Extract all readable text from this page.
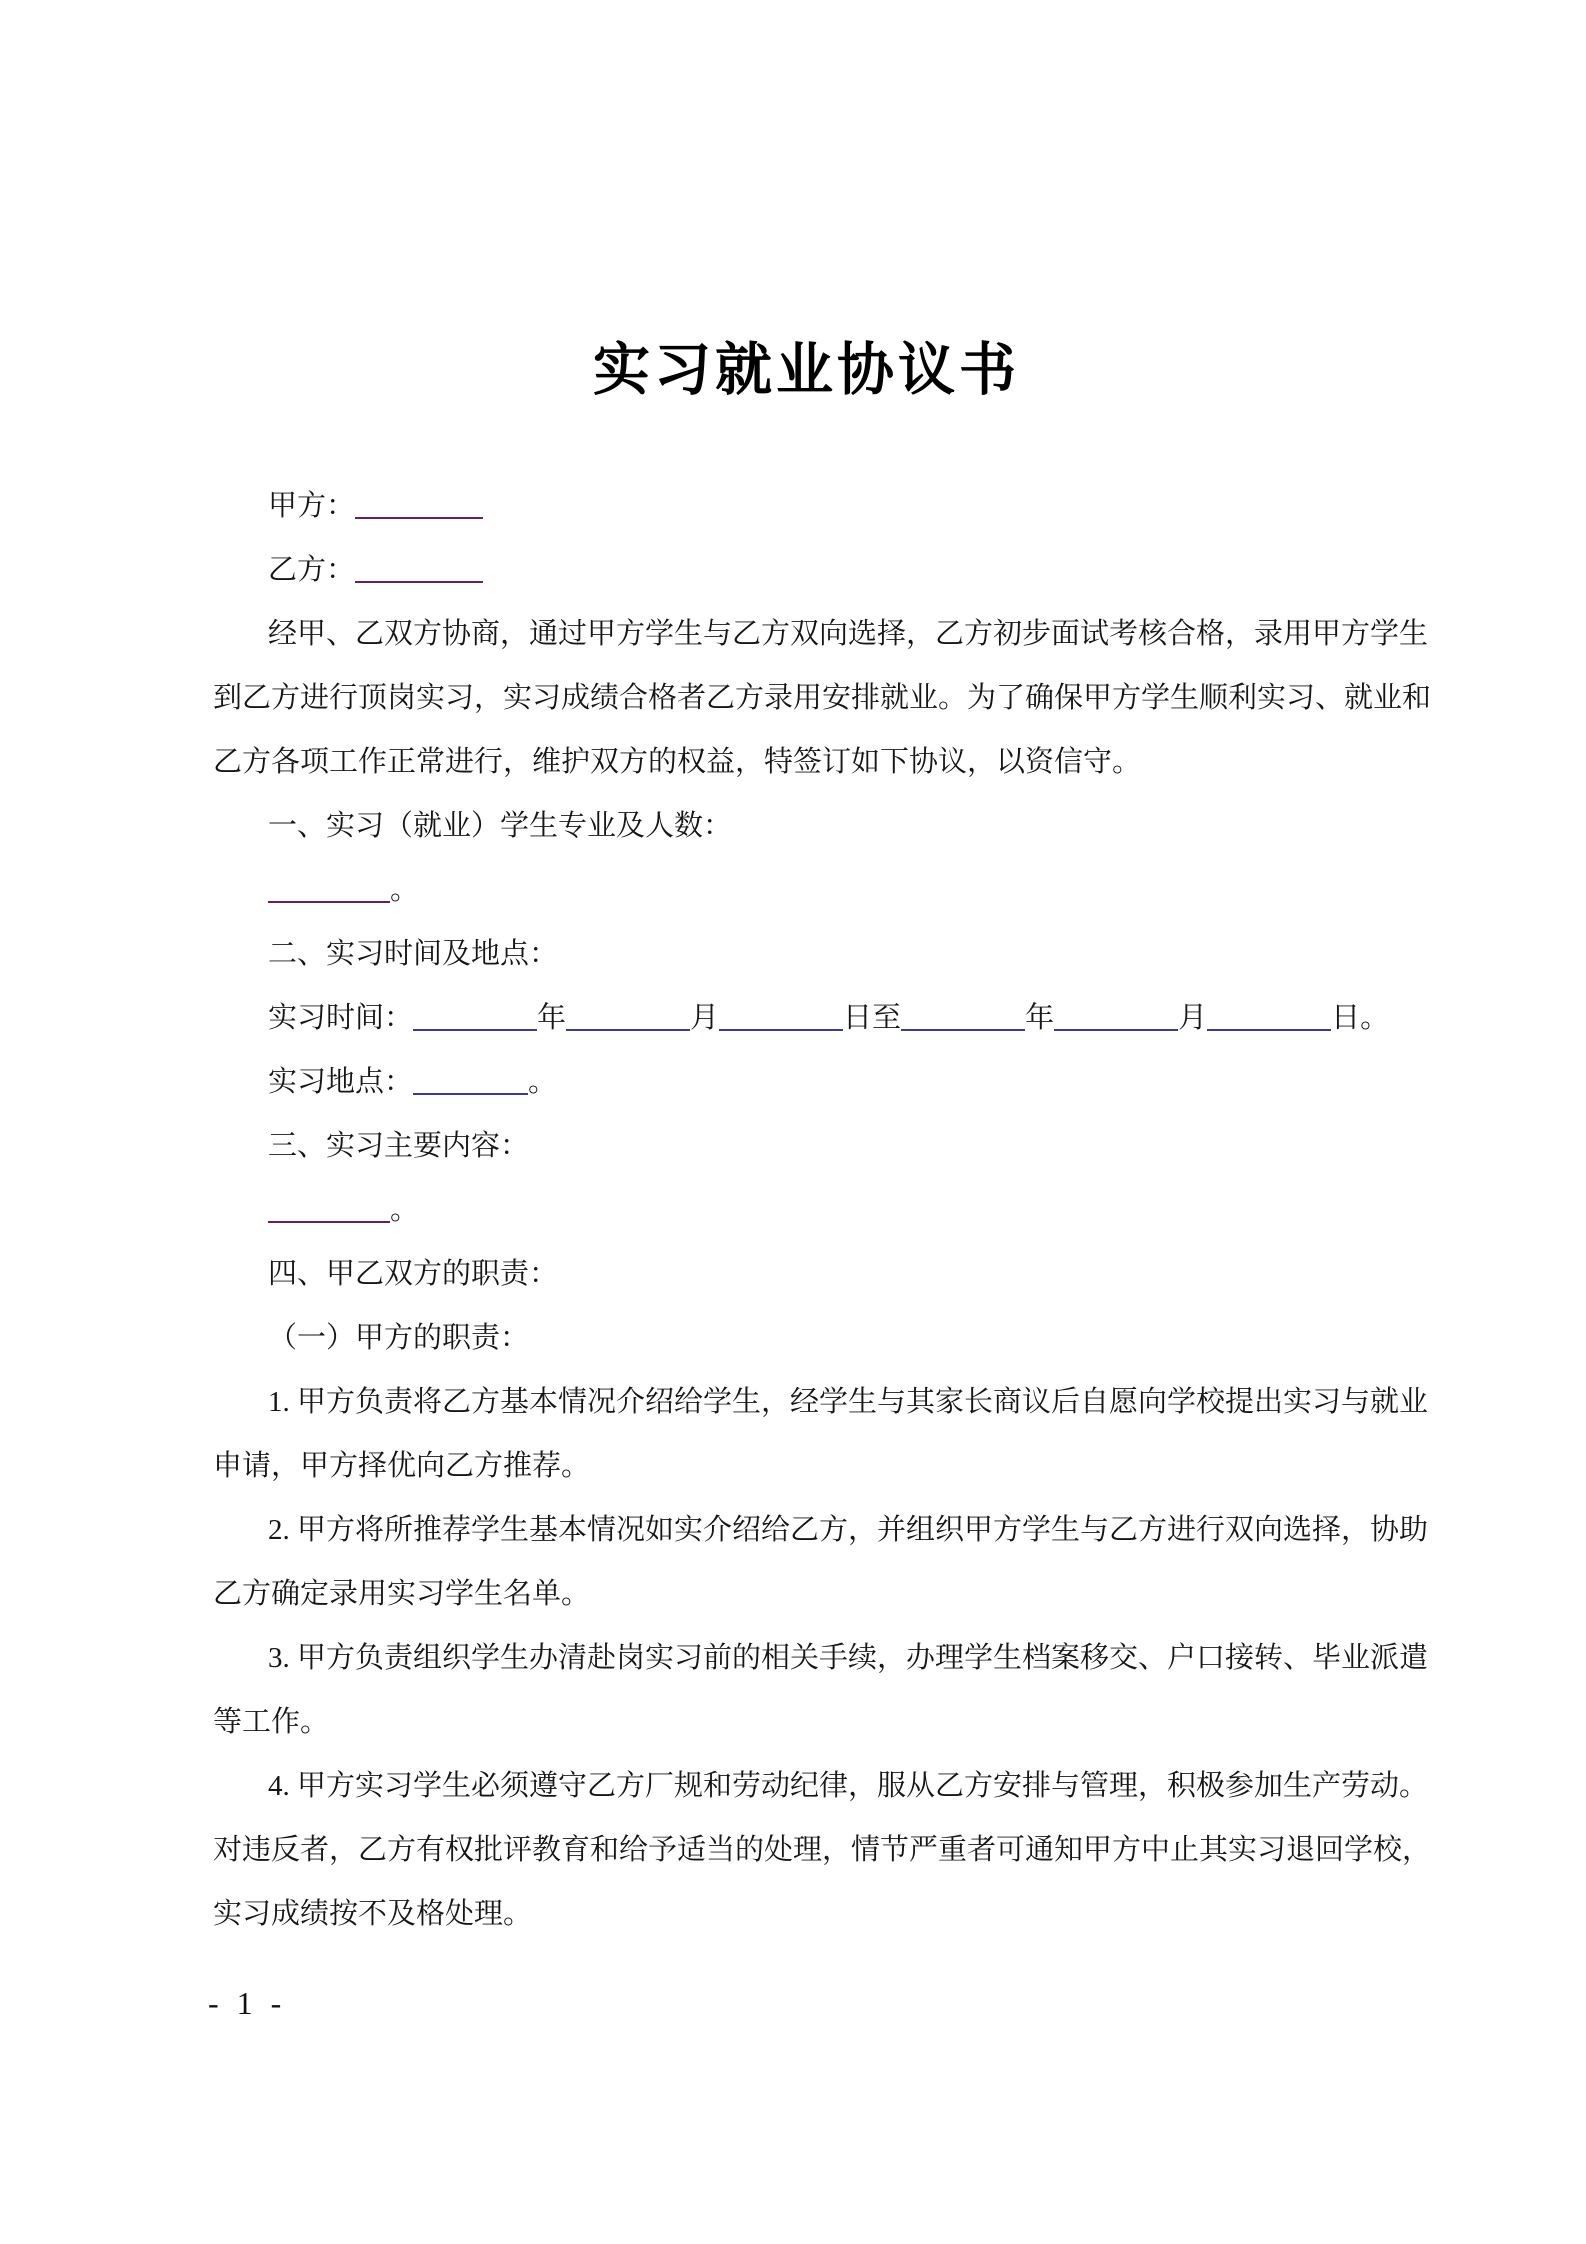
实习就业协议书
甲方：
乙方：
经甲、乙双方协商，通过甲方学生与乙方双向选择，乙方初步面试考核合格，录用甲方学生
到乙方进行顶岗实习，实习成绩合格者乙方录用安排就业。为了确保甲方学生顺利实习、就业和
乙方各项工作正常进行，维护双方的权益，特签订如下协议，以资信守。
一、实习（就业）学生专业及人数：
。
二、实习时间及地点：
实习时间：	年	月	日至	年	月	日。
实习地点：	。
三、实习主要内容：
。
四、甲乙双方的职责：
（一）甲方的职责：
1. 甲方负责将乙方基本情况介绍给学生，经学生与其家长商议后自愿向学校提出实习与就业
申请，甲方择优向乙方推荐。
2. 甲方将所推荐学生基本情况如实介绍给乙方，并组织甲方学生与乙方进行双向选择，协助
乙方确定录用实习学生名单。
3. 甲方负责组织学生办清赴岗实习前的相关手续，办理学生档案移交、户口接转、毕业派遣
等工作。
4. 甲方实习学生必须遵守乙方厂规和劳动纪律，服从乙方安排与管理，积极参加生产劳动。
对违反者，乙方有权批评教育和给予适当的处理，情节严重者可通知甲方中止其实习退回学校，
实习成绩按不及格处理。
- 1 -
